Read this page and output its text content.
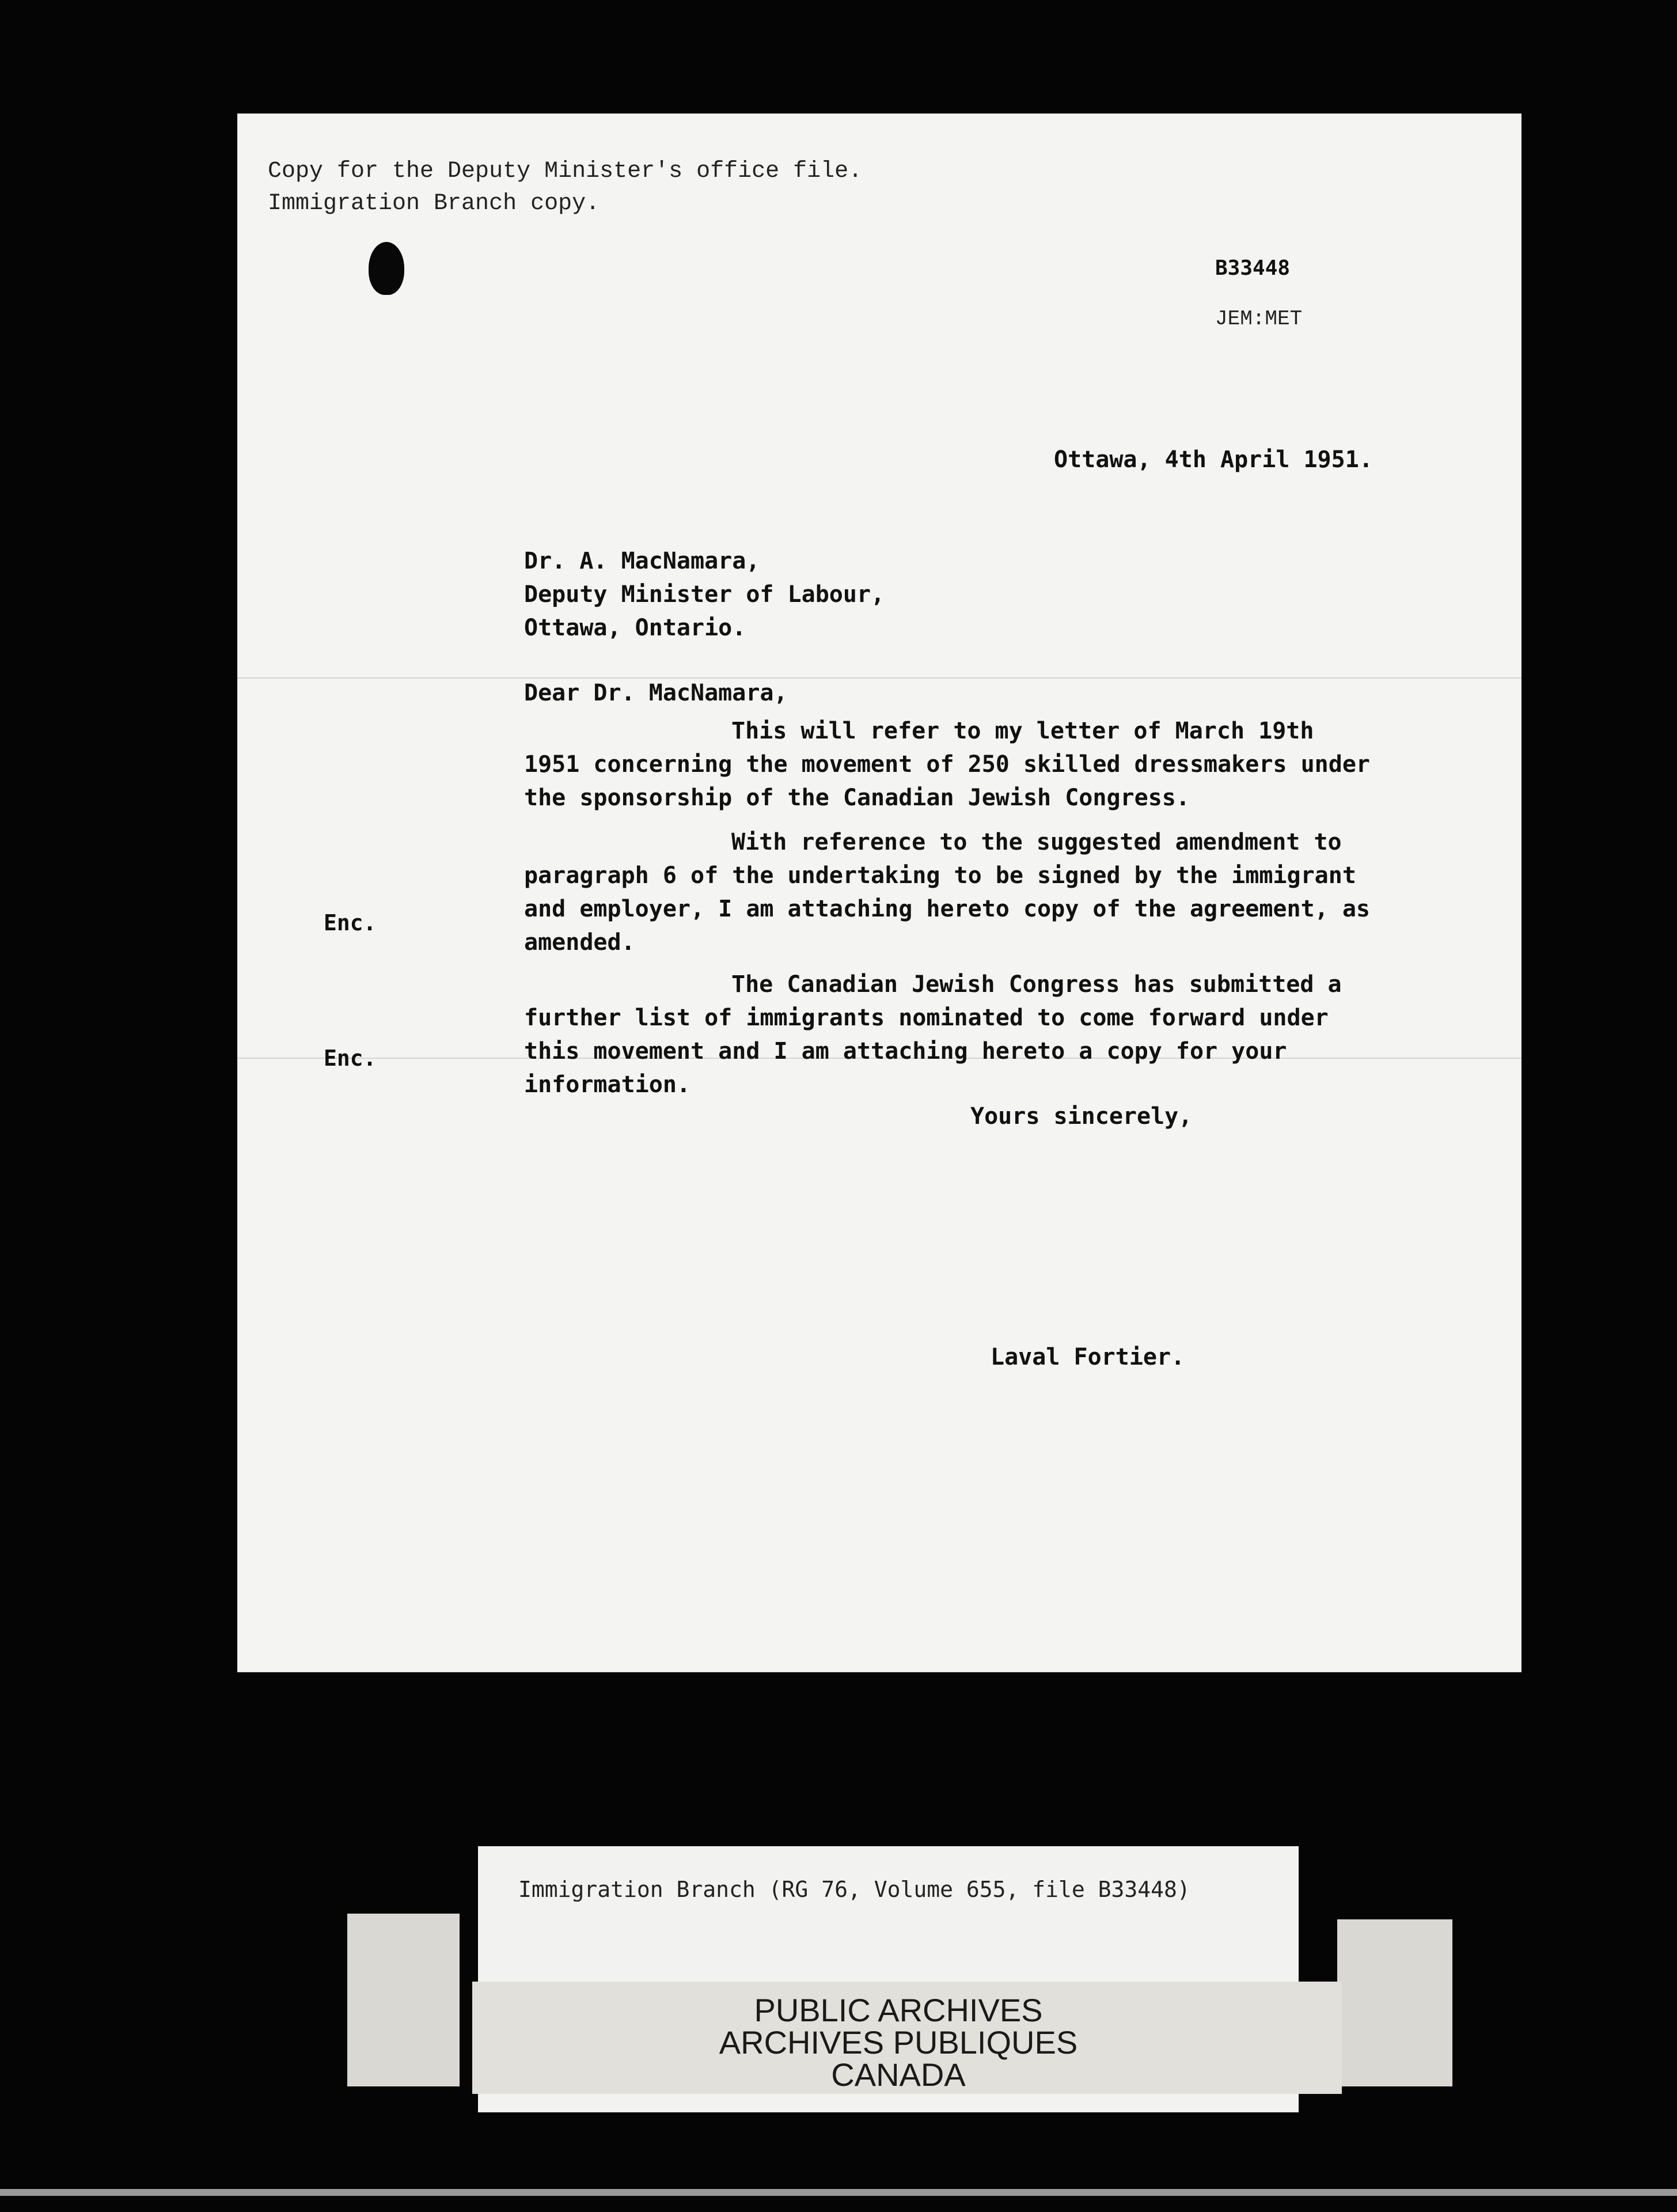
Copy for the Deputy Minister's office file.
Immigration Branch copy.
B33448
JEM:MET
Ottawa, 4th April 1951.
Dr. A. MacNamara,
Deputy Minister of Labour,
Ottawa, Ontario.
Dear Dr. MacNamara,
This will refer to my letter of March 19th 1951 concerning the movement of 250 skilled dressmakers under the sponsorship of the Canadian Jewish Congress.
With reference to the suggested amendment to paragraph 6 of the undertaking to be signed by the immigrant and employer, I am attaching hereto copy of the agreement, as amended.
The Canadian Jewish Congress has submitted a further list of immigrants nominated to come forward under this movement and I am attaching hereto a copy for your information.
Enc.
Enc.
Yours sincerely,
Laval Fortier.
Immigration Branch (RG 76, Volume 655, file B33448)
PUBLIC ARCHIVES
ARCHIVES PUBLIQUES
CANADA
